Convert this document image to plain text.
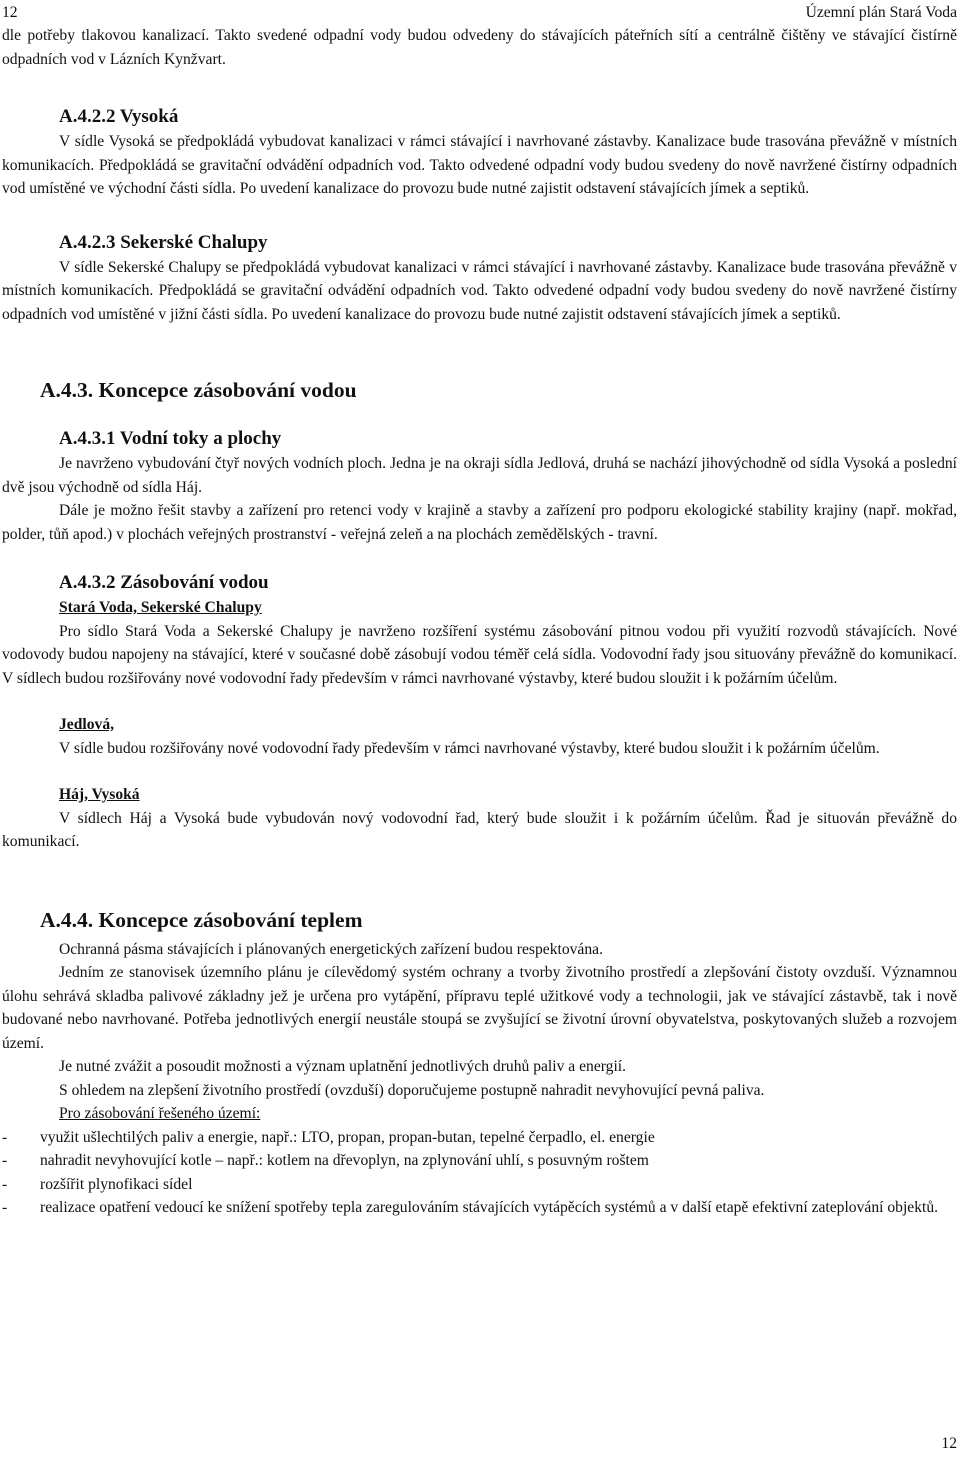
12	Územní plán Stará Voda

dle potřeby tlakovou kanalizací. Takto svedené odpadní vody budou odvedeny do stávajících páteřních sítí a centrálně čištěny ve stávající čistírně odpadních vod v Lázních Kynžvart.

A.4.2.2 Vysoká

V sídle Vysoká se předpokládá vybudovat kanalizaci v rámci stávající i navrhované zástavby. Kanalizace bude trasována převážně v místních komunikacích. Předpokládá se gravitační odvádění odpadních vod. Takto odvedené odpadní vody budou svedeny do nově navržené čistírny odpadních vod umístěné ve východní části sídla. Po uvedení kanalizace do provozu bude nutné zajistit odstavení stávajících jímek a septiků.

A.4.2.3 Sekerské Chalupy

V sídle Sekerské Chalupy se předpokládá vybudovat kanalizaci v rámci stávající i navrhované zástavby. Kanalizace bude trasována převážně v místních komunikacích. Předpokládá se gravitační odvádění odpadních vod. Takto odvedené odpadní vody budou svedeny do nově navržené čistírny odpadních vod umístěné v jižní části sídla. Po uvedení kanalizace do provozu bude nutné zajistit odstavení stávajících jímek a septiků.

A.4.3. Koncepce zásobování vodou
A.4.3.1 Vodní toky a plochy

Je navrženo vybudování čtyř nových vodních ploch. Jedna je na okraji sídla Jedlová, druhá se nachází jihovýchodně od sídla Vysoká a poslední dvě jsou východně od sídla Háj.

Dále je možno řešit stavby a zařízení pro retenci vody v krajině a stavby a zařízení pro podporu ekologické stability krajiny (např. mokřad, polder, tůň apod.) v plochách veřejných prostranství - veřejná zeleň a na plochách zemědělských - travní.

A.4.3.2 Zásobování vodou
Stará Voda, Sekerské Chalupy

Pro sídlo Stará Voda a Sekerské Chalupy je navrženo rozšíření systému zásobování pitnou vodou při využití rozvodů stávajících. Nové vodovody budou napojeny na stávající, které v současné době zásobují vodou téměř celá sídla. Vodovodní řady jsou situovány převážně do komunikací. V sídlech budou rozšiřovány nové vodovodní řady především v rámci navrhované výstavby, které budou sloužit i k požárním účelům.

Jedlová,

V sídle budou rozšiřovány nové vodovodní řady především v rámci navrhované výstavby, které budou sloužit i k požárním účelům.

Háj, Vysoká

V sídlech Háj a Vysoká bude vybudován nový vodovodní řad, který bude sloužit i k požárním účelům. Řad je situován převážně do komunikací.

A.4.4. Koncepce zásobování teplem

Ochranná pásma stávajících i plánovaných energetických zařízení budou respektována.

Jedním ze stanovisek územního plánu je cílevědomý systém ochrany a tvorby životního prostředí a zlepšování čistoty ovzduší. Významnou úlohu sehrává skladba palivové základny jež je určena pro vytápění, přípravu teplé užitkové vody a technologii, jak ve stávající zástavbě, tak i nově budované nebo navrhované. Potřeba jednotlivých energií neustále stoupá se zvyšující se životní úrovní obyvatelstva, poskytovaných služeb a rozvojem území.

Je nutné zvážit a posoudit možnosti a význam uplatnění jednotlivých druhů paliv a energií.

S ohledem na zlepšení životního prostředí (ovzduší) doporučujeme postupně nahradit nevyhovující pevná paliva.

Pro zásobování řešeného území:

-	využit ušlechtilých paliv a energie, např.: LTO, propan, propan-butan, tepelné čerpadlo, el. energie
-	nahradit nevyhovující kotle – např.: kotlem na dřevoplyn, na zplynování uhlí, s posuvným roštem
-	rozšířit plynofikaci sídel
-	realizace opatření vedoucí ke snížení spotřeby tepla zaregulováním stávajících vytápěcích systémů a v další etapě efektivní zateplování objektů.
12
